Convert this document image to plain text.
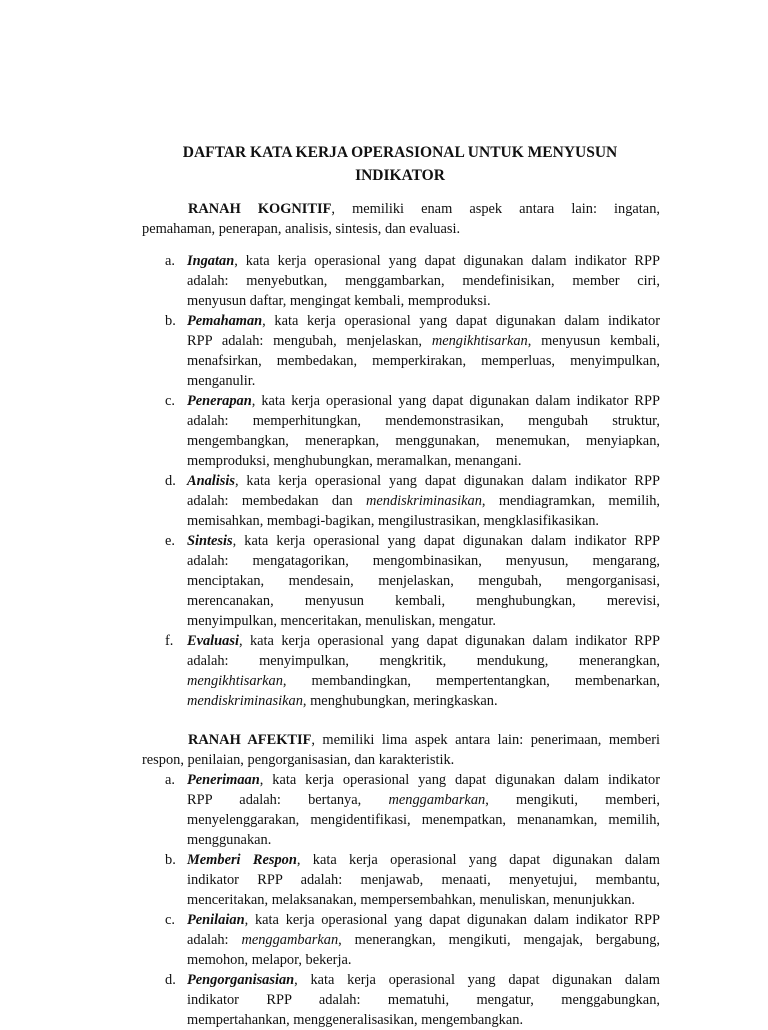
DAFTAR KATA KERJA OPERASIONAL UNTUK MENYUSUN
INDIKATOR

RANAH KOGNITIF, memiliki enam aspek antara lain: ingatan,

pemahaman, penerapan, analisis, sintesis, dan evaluasi.

a. Ingatan, kata kerja operasional yang dapat digunakan dalam indikator RPP

adalah: menyebutkan, menggambarkan, mendefinisikan, member ciri,

menyusun daftar, mengingat kembali, memproduksi.

b. Pemahaman, kata kerja operasional yang dapat digunakan dalam indikator

RPP adalah: mengubah, menjelaskan, mengikhtisarkan, menyusun kembali,

menafsirkan, membedakan, memperkirakan, memperluas, menyimpulkan,

menganulir.

c. Penerapan, kata kerja operasional yang dapat digunakan dalam indikator RPP

adalah: memperhitungkan, mendemonstrasikan, mengubah struktur,

mengembangkan, menerapkan, menggunakan, menemukan, menyiapkan,

memproduksi, menghubungkan, meramalkan, menangani.

d. Analisis, kata kerja operasional yang dapat digunakan dalam indikator RPP

adalah: membedakan dan mendiskriminasikan, mendiagramkan, memilih,

memisahkan, membagi-bagikan, mengilustrasikan, mengklasifikasikan.

e. Sintesis, kata kerja operasional yang dapat digunakan dalam indikator RPP

adalah: mengatagorikan, mengombinasikan, menyusun, mengarang,

menciptakan, mendesain, menjelaskan, mengubah, mengorganisasi,

merencanakan, menyusun kembali, menghubungkan, merevisi,

menyimpulkan, menceritakan, menuliskan, mengatur.

f. Evaluasi, kata kerja operasional yang dapat digunakan dalam indikator RPP

adalah: menyimpulkan, mengkritik, mendukung, menerangkan,

mengikhtisarkan, membandingkan, mempertentangkan, membenarkan,

mendiskriminasikan, menghubungkan, meringkaskan.

RANAH AFEKTIF, memiliki lima aspek antara lain: penerimaan, memberi

respon, penilaian, pengorganisasian, dan karakteristik.

a. Penerimaan, kata kerja operasional yang dapat digunakan dalam indikator

RPP adalah: bertanya, menggambarkan, mengikuti, memberi,

menyelenggarakan, mengidentifikasi, menempatkan, menanamkan, memilih,

menggunakan.

b. Memberi Respon, kata kerja operasional yang dapat digunakan dalam

indikator RPP adalah: menjawab, menaati, menyetujui, membantu,

menceritakan, melaksanakan, mempersembahkan, menuliskan, menunjukkan.

c. Penilaian, kata kerja operasional yang dapat digunakan dalam indikator RPP

adalah: menggambarkan, menerangkan, mengikuti, mengajak, bergabung,

memohon, melapor, bekerja.

d. Pengorganisasian, kata kerja operasional yang dapat digunakan dalam

indikator RPP adalah: mematuhi, mengatur, menggabungkan,

mempertahankan, menggeneralisasikan, mengembangkan.
